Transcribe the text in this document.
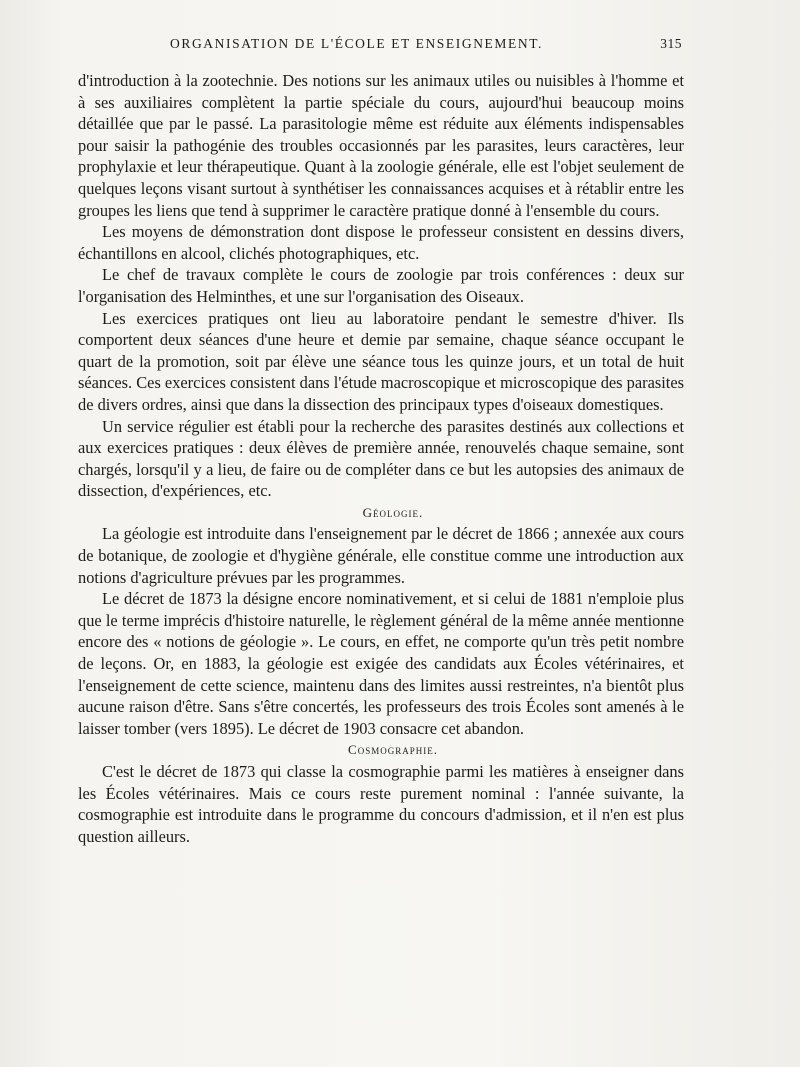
ORGANISATION DE L'ÉCOLE ET ENSEIGNEMENT.	315

d'introduction à la zootechnie. Des notions sur les animaux utiles ou nuisibles à l'homme et à ses auxiliaires complètent la partie spéciale du cours, aujourd'hui beaucoup moins détaillée que par le passé. La parasitologie même est réduite aux éléments indispensables pour saisir la pathogénie des troubles occasionnés par les parasites, leurs caractères, leur prophylaxie et leur thérapeutique. Quant à la zoologie générale, elle est l'objet seulement de quelques leçons visant surtout à synthétiser les connaissances acquises et à rétablir entre les groupes les liens que tend à supprimer le caractère pratique donné à l'ensemble du cours.

Les moyens de démonstration dont dispose le professeur consistent en dessins divers, échantillons en alcool, clichés photographiques, etc.

Le chef de travaux complète le cours de zoologie par trois conférences : deux sur l'organisation des Helminthes, et une sur l'organisation des Oiseaux.

Les exercices pratiques ont lieu au laboratoire pendant le semestre d'hiver. Ils comportent deux séances d'une heure et demie par semaine, chaque séance occupant le quart de la promotion, soit par élève une séance tous les quinze jours, et un total de huit séances. Ces exercices consistent dans l'étude macroscopique et microscopique des parasites de divers ordres, ainsi que dans la dissection des principaux types d'oiseaux domestiques.

Un service régulier est établi pour la recherche des parasites destinés aux collections et aux exercices pratiques : deux élèves de première année, renouvelés chaque semaine, sont chargés, lorsqu'il y a lieu, de faire ou de compléter dans ce but les autopsies des animaux de dissection, d'expériences, etc.

Géologie.

La géologie est introduite dans l'enseignement par le décret de 1866 ; annexée aux cours de botanique, de zoologie et d'hygiène générale, elle constitue comme une introduction aux notions d'agriculture prévues par les programmes.

Le décret de 1873 la désigne encore nominativement, et si celui de 1881 n'emploie plus que le terme imprécis d'histoire naturelle, le règlement général de la même année mentionne encore des « notions de géologie ». Le cours, en effet, ne comporte qu'un très petit nombre de leçons. Or, en 1883, la géologie est exigée des candidats aux Écoles vétérinaires, et l'enseignement de cette science, maintenu dans des limites aussi restreintes, n'a bientôt plus aucune raison d'être. Sans s'être concertés, les professeurs des trois Écoles sont amenés à le laisser tomber (vers 1895). Le décret de 1903 consacre cet abandon.

Cosmographie.

C'est le décret de 1873 qui classe la cosmographie parmi les matières à enseigner dans les Écoles vétérinaires. Mais ce cours reste purement nominal : l'année suivante, la cosmographie est introduite dans le programme du concours d'admission, et il n'en est plus question ailleurs.
